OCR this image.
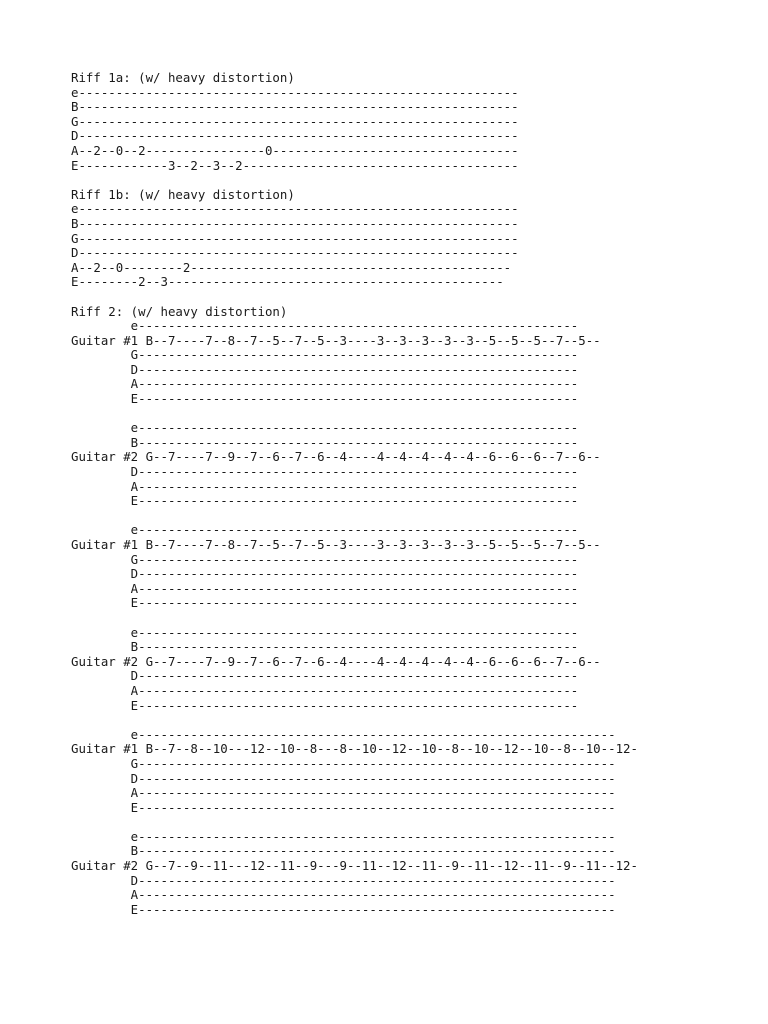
Riff 1a: (w/ heavy distortion)
e-----------------------------------------------------------
B-----------------------------------------------------------
G-----------------------------------------------------------
D-----------------------------------------------------------
A--2--0--2----------------0---------------------------------
E------------3--2--3--2-------------------------------------
Riff 1b: (w/ heavy distortion)
e-----------------------------------------------------------
B-----------------------------------------------------------
G-----------------------------------------------------------
D-----------------------------------------------------------
A--2--0--------2-------------------------------------------
E--------2--3---------------------------------------------
Riff 2: (w/ heavy distortion)
e-----------------------------------------------------------
Guitar #1 B--7----7--8--7--5--7--5--3----3--3--3--3--3--5--5--5--7--5--
G-----------------------------------------------------------
D-----------------------------------------------------------
A-----------------------------------------------------------
E-----------------------------------------------------------
e-----------------------------------------------------------
B-----------------------------------------------------------
Guitar #2 G--7----7--9--7--6--7--6--4----4--4--4--4--4--6--6--6--7--6--
D-----------------------------------------------------------
A-----------------------------------------------------------
E-----------------------------------------------------------
e-----------------------------------------------------------
Guitar #1 B--7----7--8--7--5--7--5--3----3--3--3--3--3--5--5--5--7--5--
G-----------------------------------------------------------
D-----------------------------------------------------------
A-----------------------------------------------------------
E-----------------------------------------------------------
e-----------------------------------------------------------
B-----------------------------------------------------------
Guitar #2 G--7----7--9--7--6--7--6--4----4--4--4--4--4--6--6--6--7--6--
D-----------------------------------------------------------
A-----------------------------------------------------------
E-----------------------------------------------------------
e----------------------------------------------------------------
Guitar #1 B--7--8--10---12--10--8---8--10--12--10--8--10--12--10--8--10--12-
G----------------------------------------------------------------
D----------------------------------------------------------------
A----------------------------------------------------------------
E----------------------------------------------------------------
e----------------------------------------------------------------
B----------------------------------------------------------------
Guitar #2 G--7--9--11---12--11--9---9--11--12--11--9--11--12--11--9--11--12-
D----------------------------------------------------------------
A----------------------------------------------------------------
E----------------------------------------------------------------
